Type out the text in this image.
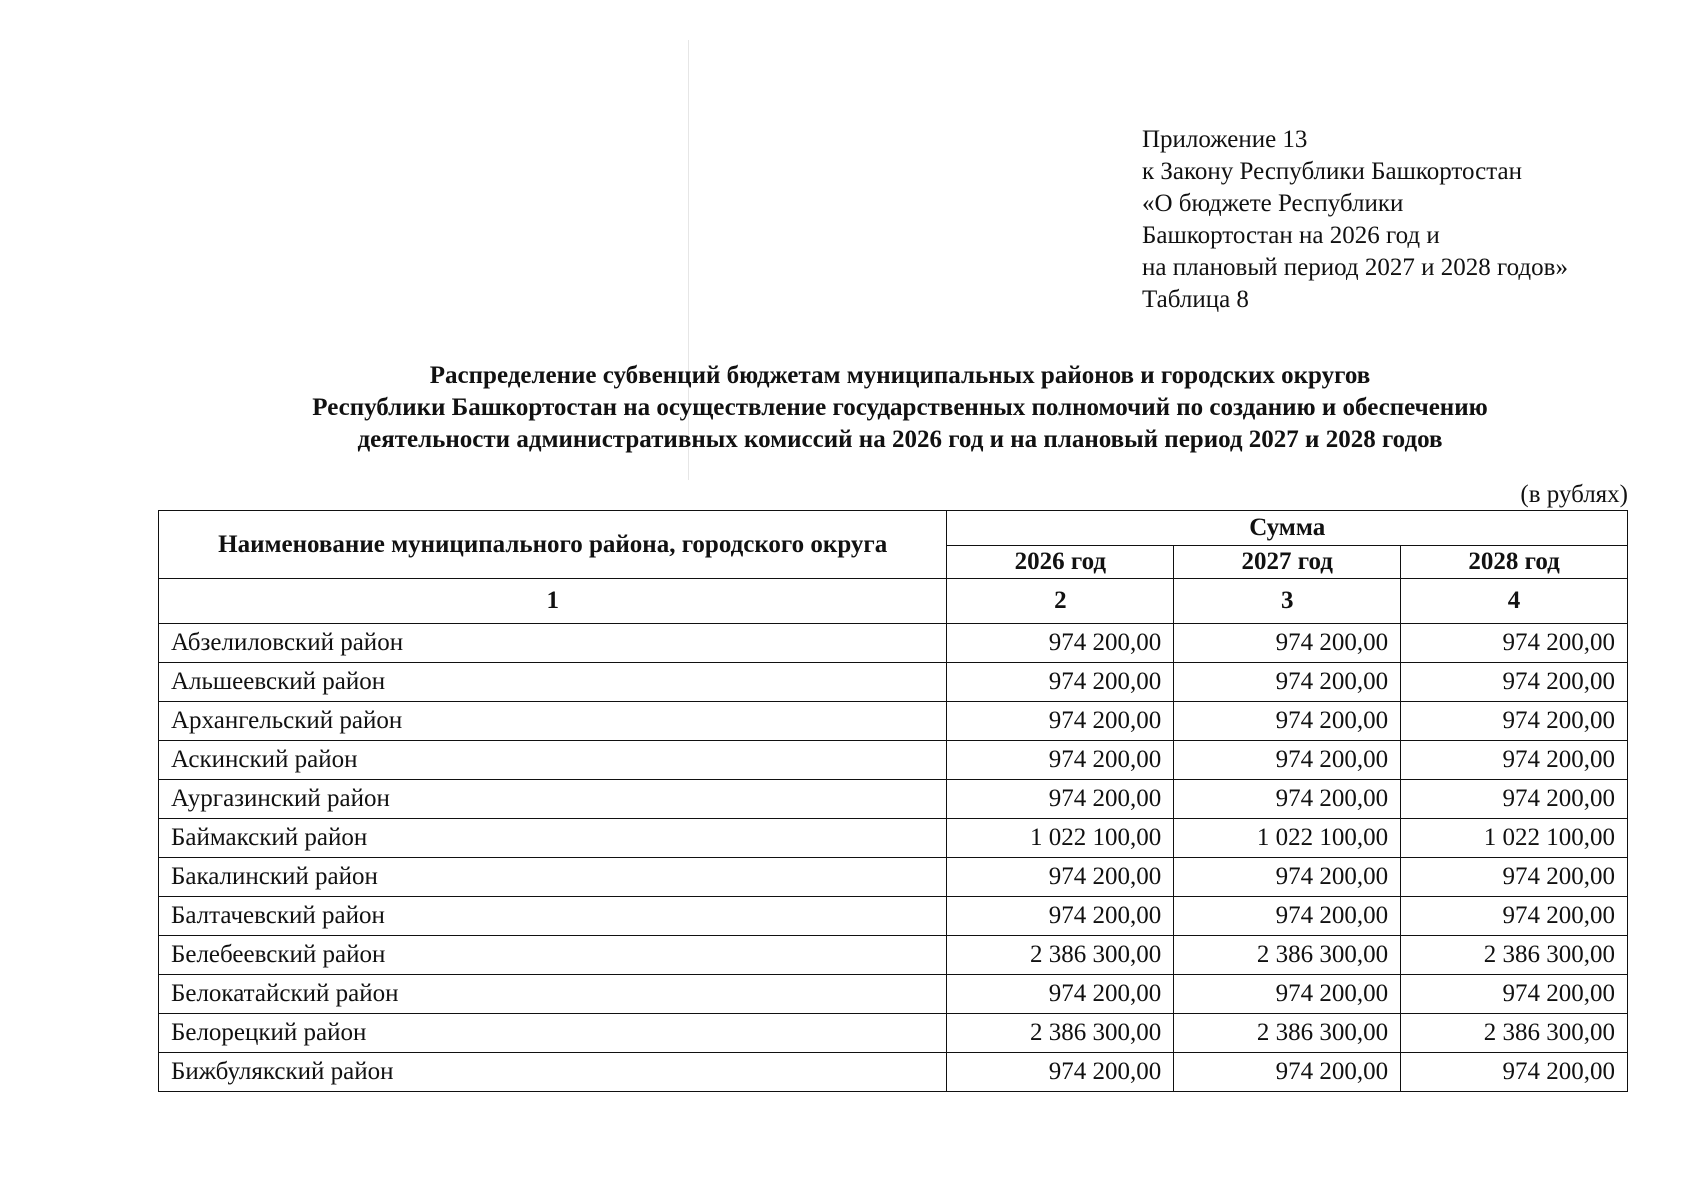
Приложение 13
к Закону Республики Башкортостан
«О бюджете Республики
Башкортостан на 2026 год и
на плановый период 2027 и 2028 годов»
Таблица 8
Распределение субвенций бюджетам муниципальных районов и городских округов
Республики Башкортостан на осуществление государственных полномочий по созданию и обеспечению
деятельности административных комиссий на 2026 год и на плановый период 2027 и 2028 годов
(в рублях)
Наименование муниципального района, городского округа	Сумма		
	2026 год	2027 год	2028 год
1	2	3	4
Абзелиловский район	974 200,00	974 200,00	974 200,00
Альшеевский район	974 200,00	974 200,00	974 200,00
Архангельский район	974 200,00	974 200,00	974 200,00
Аскинский район	974 200,00	974 200,00	974 200,00
Аургазинский район	974 200,00	974 200,00	974 200,00
Баймакский район	1 022 100,00	1 022 100,00	1 022 100,00
Бакалинский район	974 200,00	974 200,00	974 200,00
Балтачевский район	974 200,00	974 200,00	974 200,00
Белебеевский район	2 386 300,00	2 386 300,00	2 386 300,00
Белокатайский район	974 200,00	974 200,00	974 200,00
Белорецкий район	2 386 300,00	2 386 300,00	2 386 300,00
Бижбулякский район	974 200,00	974 200,00	974 200,00
